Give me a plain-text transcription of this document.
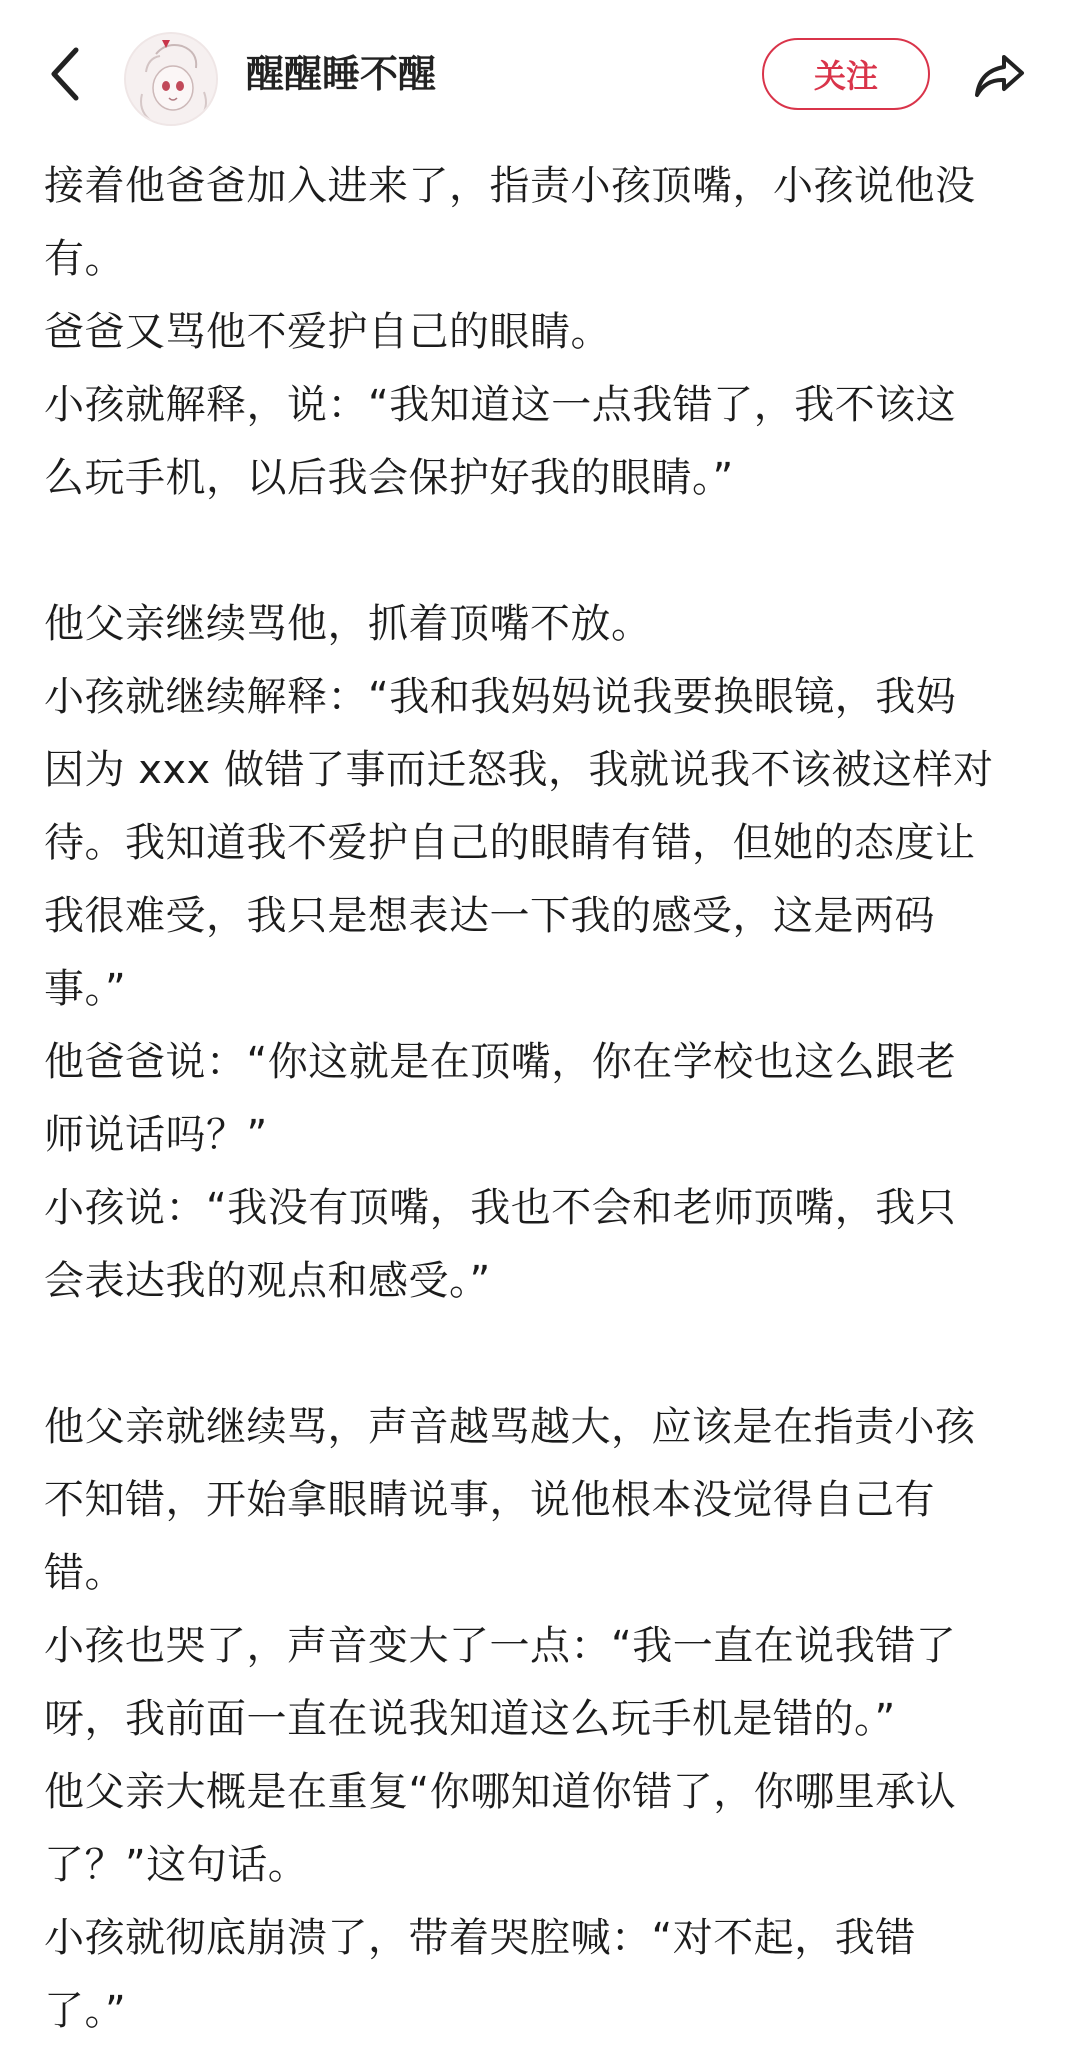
醒醒睡不醒	关注
接着他爸爸加入进来了，指责小孩顶嘴，小孩说他没
有。
爸爸又骂他不爱护自己的眼睛。
小孩就解释，说：“我知道这一点我错了，我不该这
么玩手机，以后我会保护好我的眼睛。”
他父亲继续骂他，抓着顶嘴不放。
小孩就继续解释：“我和我妈妈说我要换眼镜，我妈
因为 xxx 做错了事而迁怒我，我就说我不该被这样对
待。我知道我不爱护自己的眼睛有错，但她的态度让
我很难受，我只是想表达一下我的感受，这是两码
事。”
他爸爸说：“你这就是在顶嘴，你在学校也这么跟老
师说话吗？”
小孩说：“我没有顶嘴，我也不会和老师顶嘴，我只
会表达我的观点和感受。”
他父亲就继续骂，声音越骂越大，应该是在指责小孩
不知错，开始拿眼睛说事，说他根本没觉得自己有
错。
小孩也哭了，声音变大了一点：“我一直在说我错了
呀，我前面一直在说我知道这么玩手机是错的。”
他父亲大概是在重复“你哪知道你错了，你哪里承认
了？”这句话。
小孩就彻底崩溃了，带着哭腔喊：“对不起，我错
了。”
